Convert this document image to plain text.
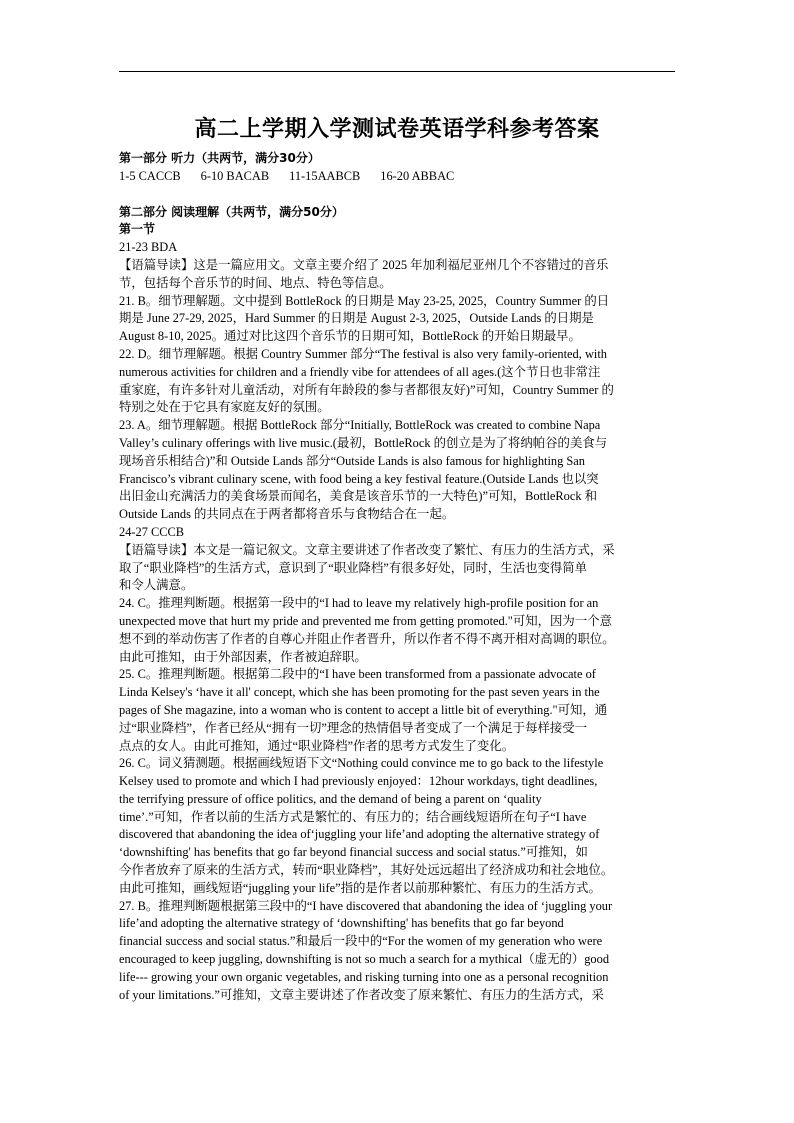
高二上学期入学测试卷英语学科参考答案
第一部分 听力（共两节，满分30分）
1-5 CACCB 6-10 BACAB 11-15AABCB 16-20 ABBAC
第二部分 阅读理解（共两节，满分50分）
第一节
21-23 BDA
【语篇导读】这是一篇应用文。文章主要介绍了 2025 年加利福尼亚州几个不容错过的音乐
节，包括每个音乐节的时间、地点、特色等信息。
21. B。细节理解题。文中提到 BottleRock 的日期是 May 23-25, 2025，Country Summer 的日
期是 June 27-29, 2025，Hard Summer 的日期是 August 2-3, 2025，Outside Lands 的日期是
August 8-10, 2025。通过对比这四个音乐节的日期可知，BottleRock 的开始日期最早。
22. D。细节理解题。根据 Country Summer 部分“The festival is also very family-oriented, with
numerous activities for children and a friendly vibe for attendees of all ages.(这个节日也非常注
重家庭，有许多针对儿童活动，对所有年龄段的参与者都很友好)”可知，Country Summer 的
特别之处在于它具有家庭友好的氛围。
23. A。细节理解题。根据 BottleRock 部分“Initially, BottleRock was created to combine Napa
Valley’s culinary offerings with live music.(最初，BottleRock 的创立是为了将纳帕谷的美食与
现场音乐相结合)”和 Outside Lands 部分“Outside Lands is also famous for highlighting San
Francisco’s vibrant culinary scene, with food being a key festival feature.(Outside Lands 也以突
出旧金山充满活力的美食场景而闻名，美食是该音乐节的一大特色)”可知，BottleRock 和
Outside Lands 的共同点在于两者都将音乐与食物结合在一起。
24-27 CCCB
【语篇导读】本文是一篇记叙文。文章主要讲述了作者改变了繁忙、有压力的生活方式，采
取了“职业降档”的生活方式，意识到了“职业降档”有很多好处，同时，生活也变得简单
和令人满意。
24. C。推理判断题。根据第一段中的“I had to leave my relatively high-profile position for an
unexpected move that hurt my pride and prevented me from getting promoted."可知，因为一个意
想不到的举动伤害了作者的自尊心并阻止作者晋升，所以作者不得不离开相对高调的职位。
由此可推知，由于外部因素，作者被迫辞职。
25. C。推理判断题。根据第二段中的“I have been transformed from a passionate advocate of
Linda Kelsey's ‘have it all' concept, which she has been promoting for the past seven years in the
pages of She magazine, into a woman who is content to accept a little bit of everything."可知，通
过“职业降档”，作者已经从“拥有一切”理念的热情倡导者变成了一个满足于每样接受一
点点的女人。由此可推知，通过“职业降档”作者的思考方式发生了变化。
26. C。词义猜测题。根据画线短语下文“Nothing could convince me to go back to the lifestyle
Kelsey used to promote and which I had previously enjoyed：12hour workdays, tight deadlines,
the terrifying pressure of office politics, and the demand of being a parent on ‘quality
time’.”可知，作者以前的生活方式是繁忙的、有压力的；结合画线短语所在句子“I have
discovered that abandoning the idea of‘juggling your life’and adopting the alternative strategy of
‘downshifting' has benefits that go far beyond financial success and social status.”可推知，如
今作者放弃了原来的生活方式，转而“职业降档”，其好处远远超出了经济成功和社会地位。
由此可推知，画线短语“juggling your life”指的是作者以前那种繁忙、有压力的生活方式。
27. B。推理判断题根据第三段中的“I have discovered that abandoning the idea of ‘juggling your
life’and adopting the alternative strategy of ‘downshifting' has benefits that go far beyond
financial success and social status.”和最后一段中的“For the women of my generation who were
encouraged to keep juggling, downshifting is not so much a search for a mythical（虚无的）good
life--- growing your own organic vegetables, and risking turning into one as a personal recognition
of your limitations.”可推知，文章主要讲述了作者改变了原来繁忙、有压力的生活方式，采
